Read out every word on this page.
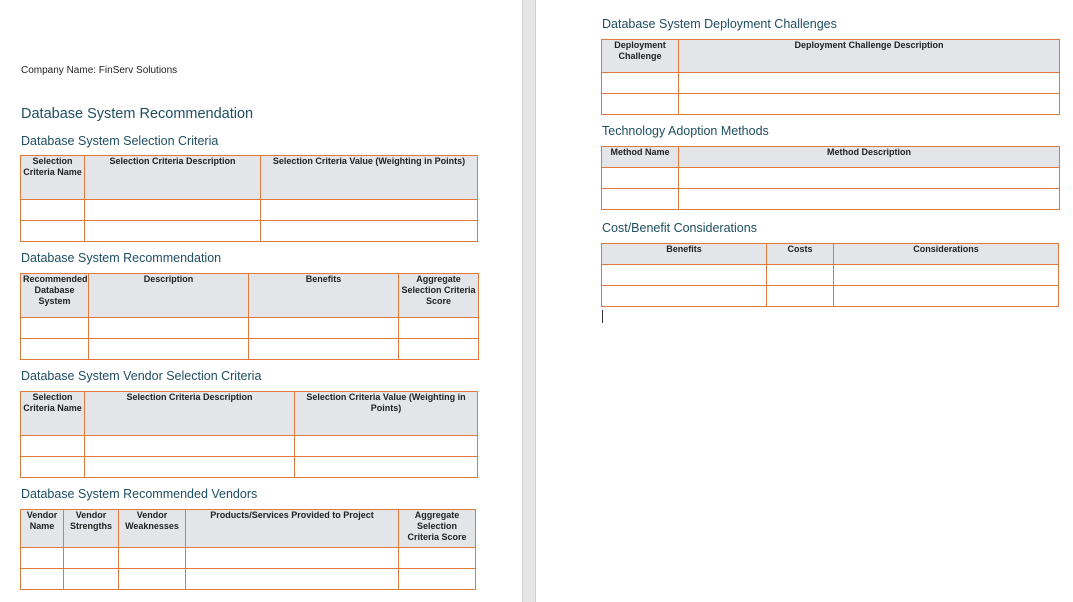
Company Name: FinServ Solutions
Database System Recommendation
Database System Selection Criteria
Selection Criteria Name	Selection Criteria Description	Selection Criteria Value (Weighting in Points)

Database System Recommendation
Recommended Database System	Description	Benefits	Aggregate Selection Criteria Score

Database System Vendor Selection Criteria
Selection Criteria Name	Selection Criteria Description	Selection Criteria Value (Weighting in Points)

Database System Recommended Vendors
Vendor Name	Vendor Strengths	Vendor Weaknesses	Products/Services Provided to Project	Aggregate Selection Criteria Score

Database System Deployment Challenges
Deployment Challenge	Deployment Challenge Description

Technology Adoption Methods
Method Name	Method Description

Cost/Benefit Considerations
Benefits	Costs	Considerations
